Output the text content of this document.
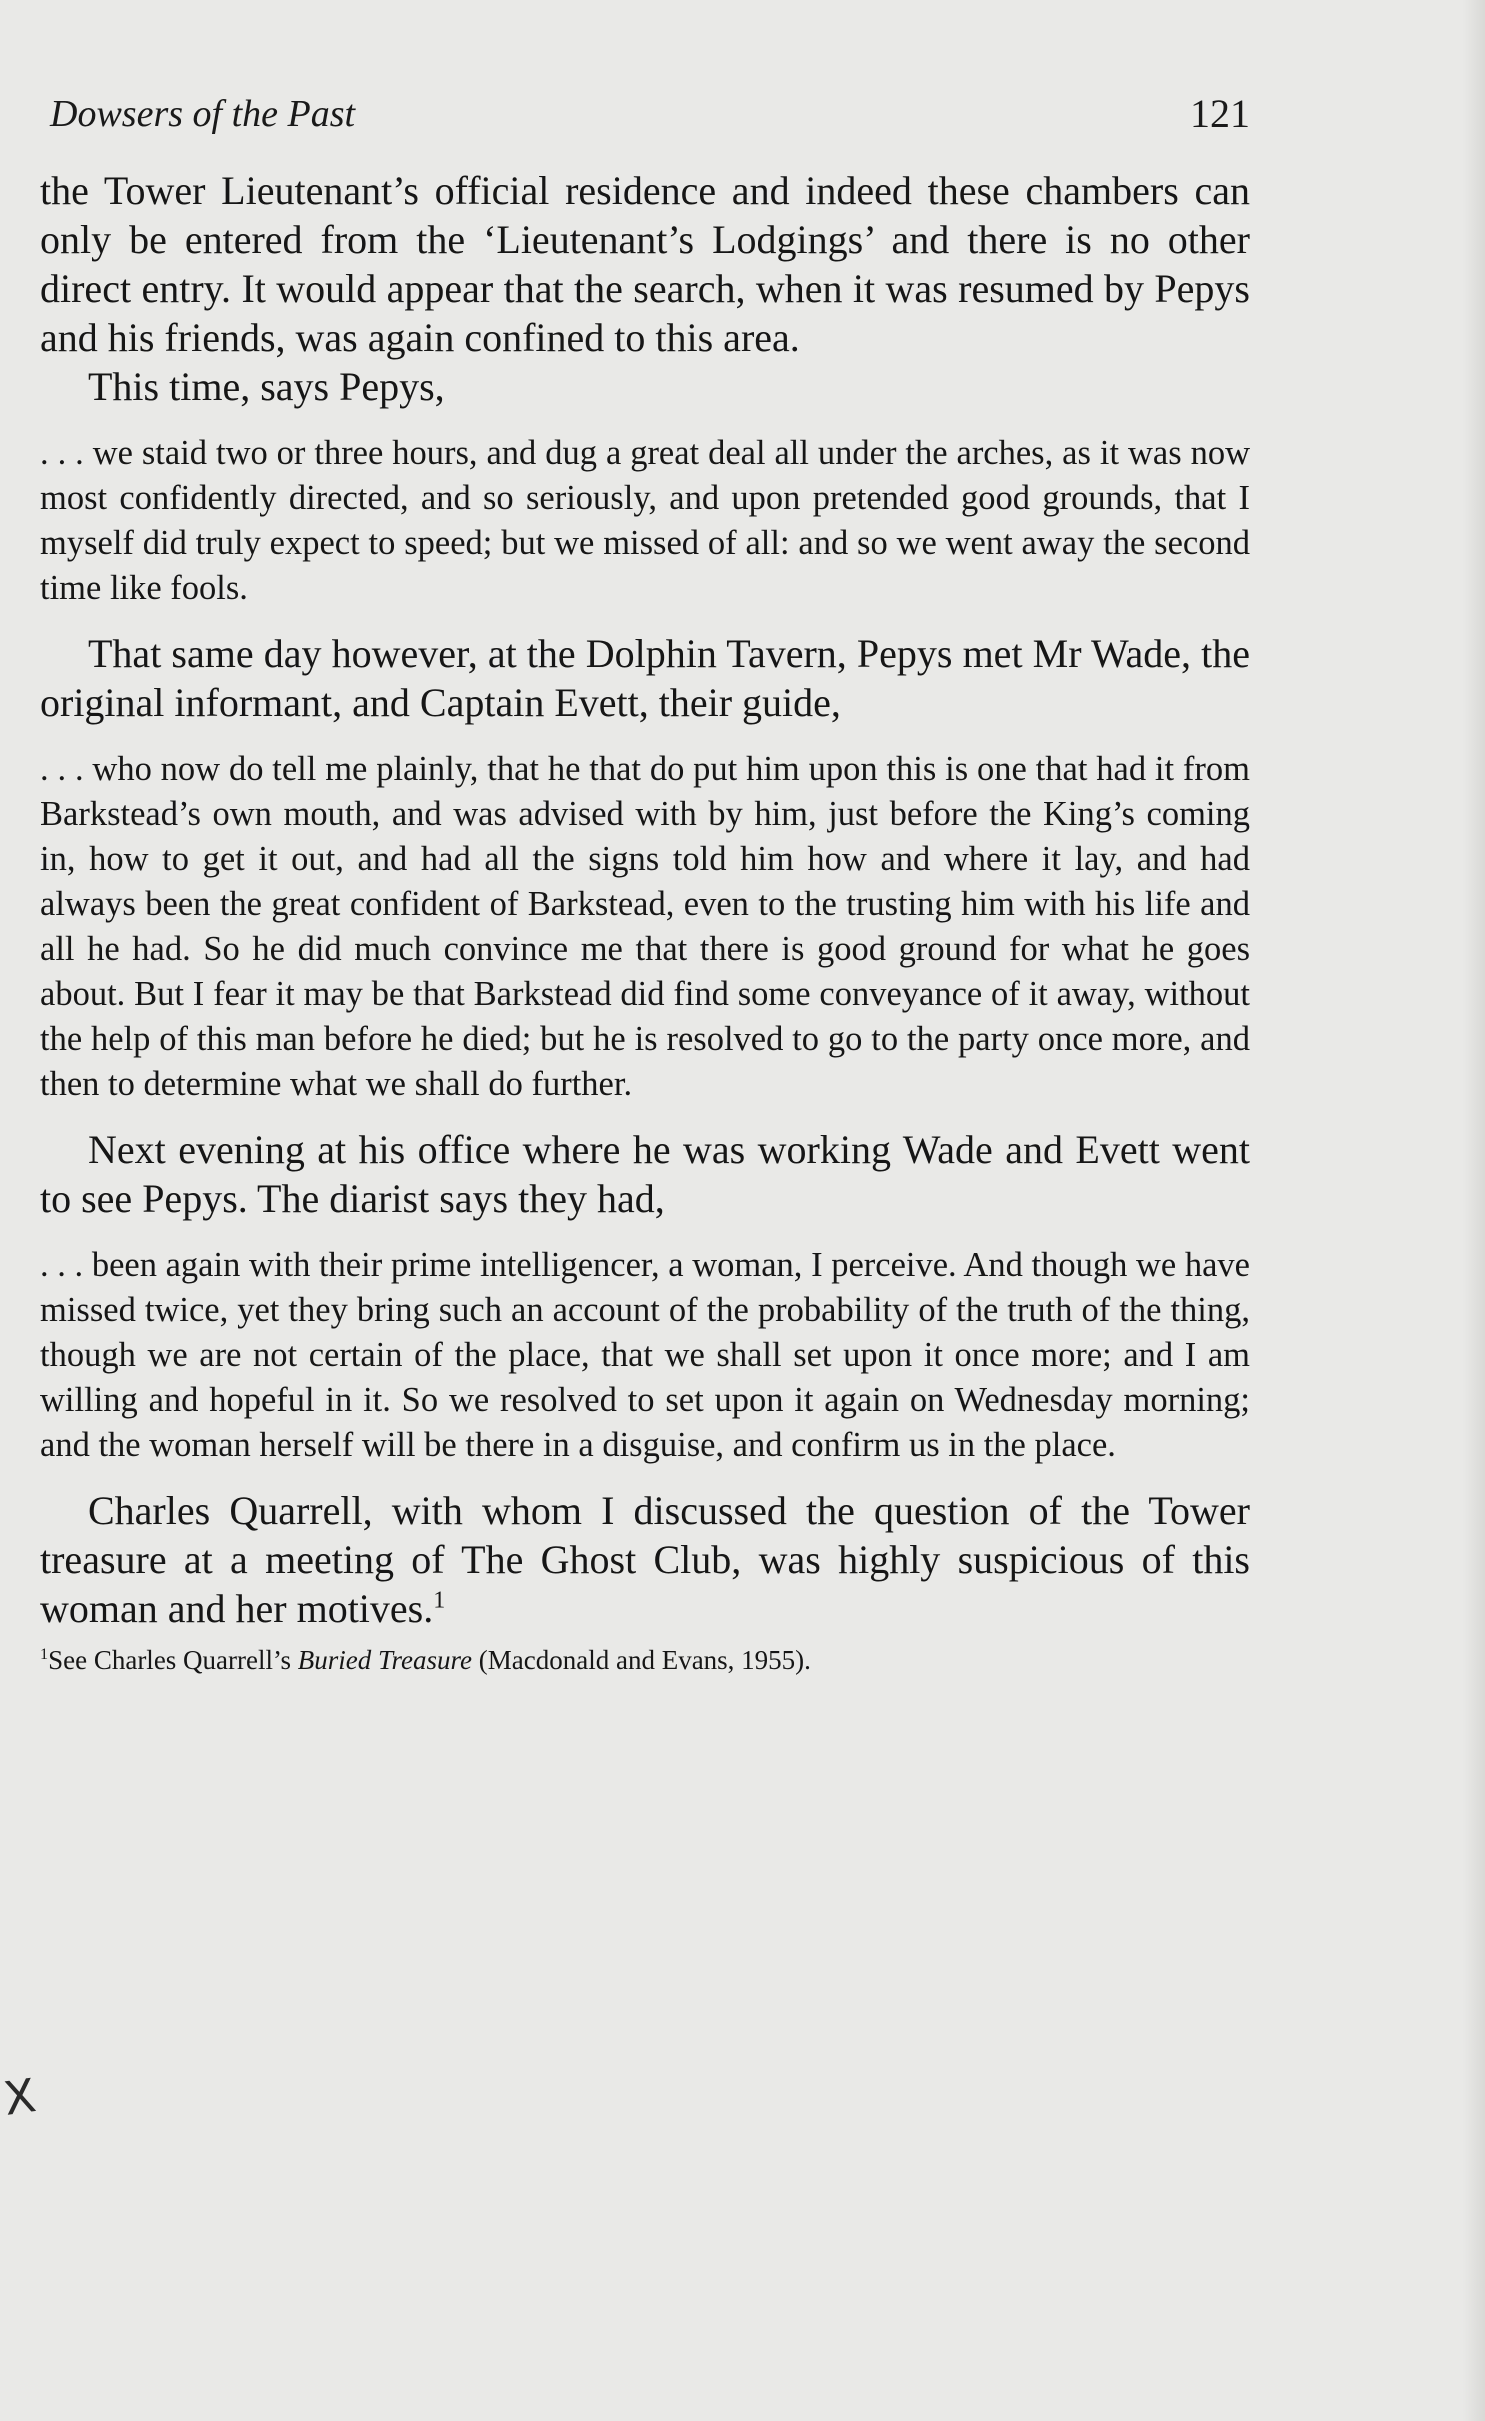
Dowsers of the Past	121

the Tower Lieutenant’s official residence and indeed these chambers can only be entered from the ‘Lieutenant’s Lodgings’ and there is no other direct entry. It would appear that the search, when it was resumed by Pepys and his friends, was again confined to this area.

This time, says Pepys,

. . . we staid two or three hours, and dug a great deal all under the arches, as it was now most confidently directed, and so seriously, and upon pretended good grounds, that I myself did truly expect to speed; but we missed of all: and so we went away the second time like fools.

That same day however, at the Dolphin Tavern, Pepys met Mr Wade, the original informant, and Captain Evett, their guide,

. . . who now do tell me plainly, that he that do put him upon this is one that had it from Barkstead’s own mouth, and was advised with by him, just before the King’s coming in, how to get it out, and had all the signs told him how and where it lay, and had always been the great confident of Barkstead, even to the trusting him with his life and all he had. So he did much convince me that there is good ground for what he goes about. But I fear it may be that Barkstead did find some conveyance of it away, without the help of this man before he died; but he is resolved to go to the party once more, and then to determine what we shall do further.

Next evening at his office where he was working Wade and Evett went to see Pepys. The diarist says they had,

. . . been again with their prime intelligencer, a woman, I perceive. And though we have missed twice, yet they bring such an account of the probability of the truth of the thing, though we are not certain of the place, that we shall set upon it once more; and I am willing and hopeful in it. So we resolved to set upon it again on Wednesday morning; and the woman herself will be there in a disguise, and confirm us in the place.

Charles Quarrell, with whom I discussed the question of the Tower treasure at a meeting of The Ghost Club, was highly suspicious of this woman and her motives.$^1$

$^1$See Charles Quarrell’s Buried Treasure (Macdonald and Evans, 1955).
X
